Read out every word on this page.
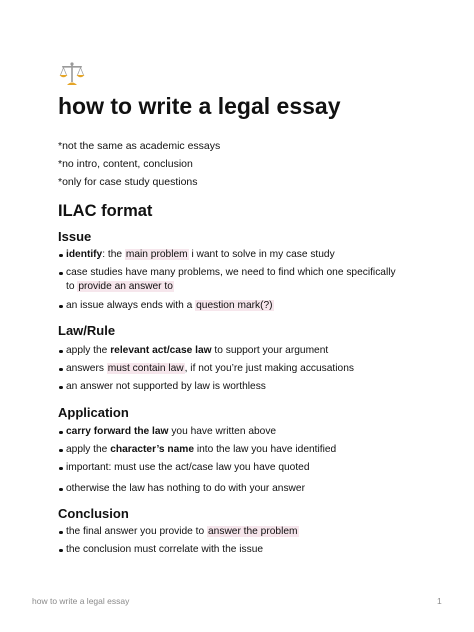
how to write a legal essay
*not the same as academic essays
*no intro, content, conclusion
*only for case study questions
ILAC format
Issue
identify: the main problem i want to solve in my case study
case studies have many problems, we need to find which one specifically to provide an answer to
an issue always ends with a question mark(?)
Law/Rule
apply the relevant act/case law to support your argument
answers must contain law, if not you’re just making accusations
an answer not supported by law is worthless
Application
carry forward the law you have written above
apply the character’s name into the law you have identified
important: must use the act/case law you have quoted
otherwise the law has nothing to do with your answer
Conclusion
the final answer you provide to answer the problem
the conclusion must correlate with the issue
how to write a legal essay	1
